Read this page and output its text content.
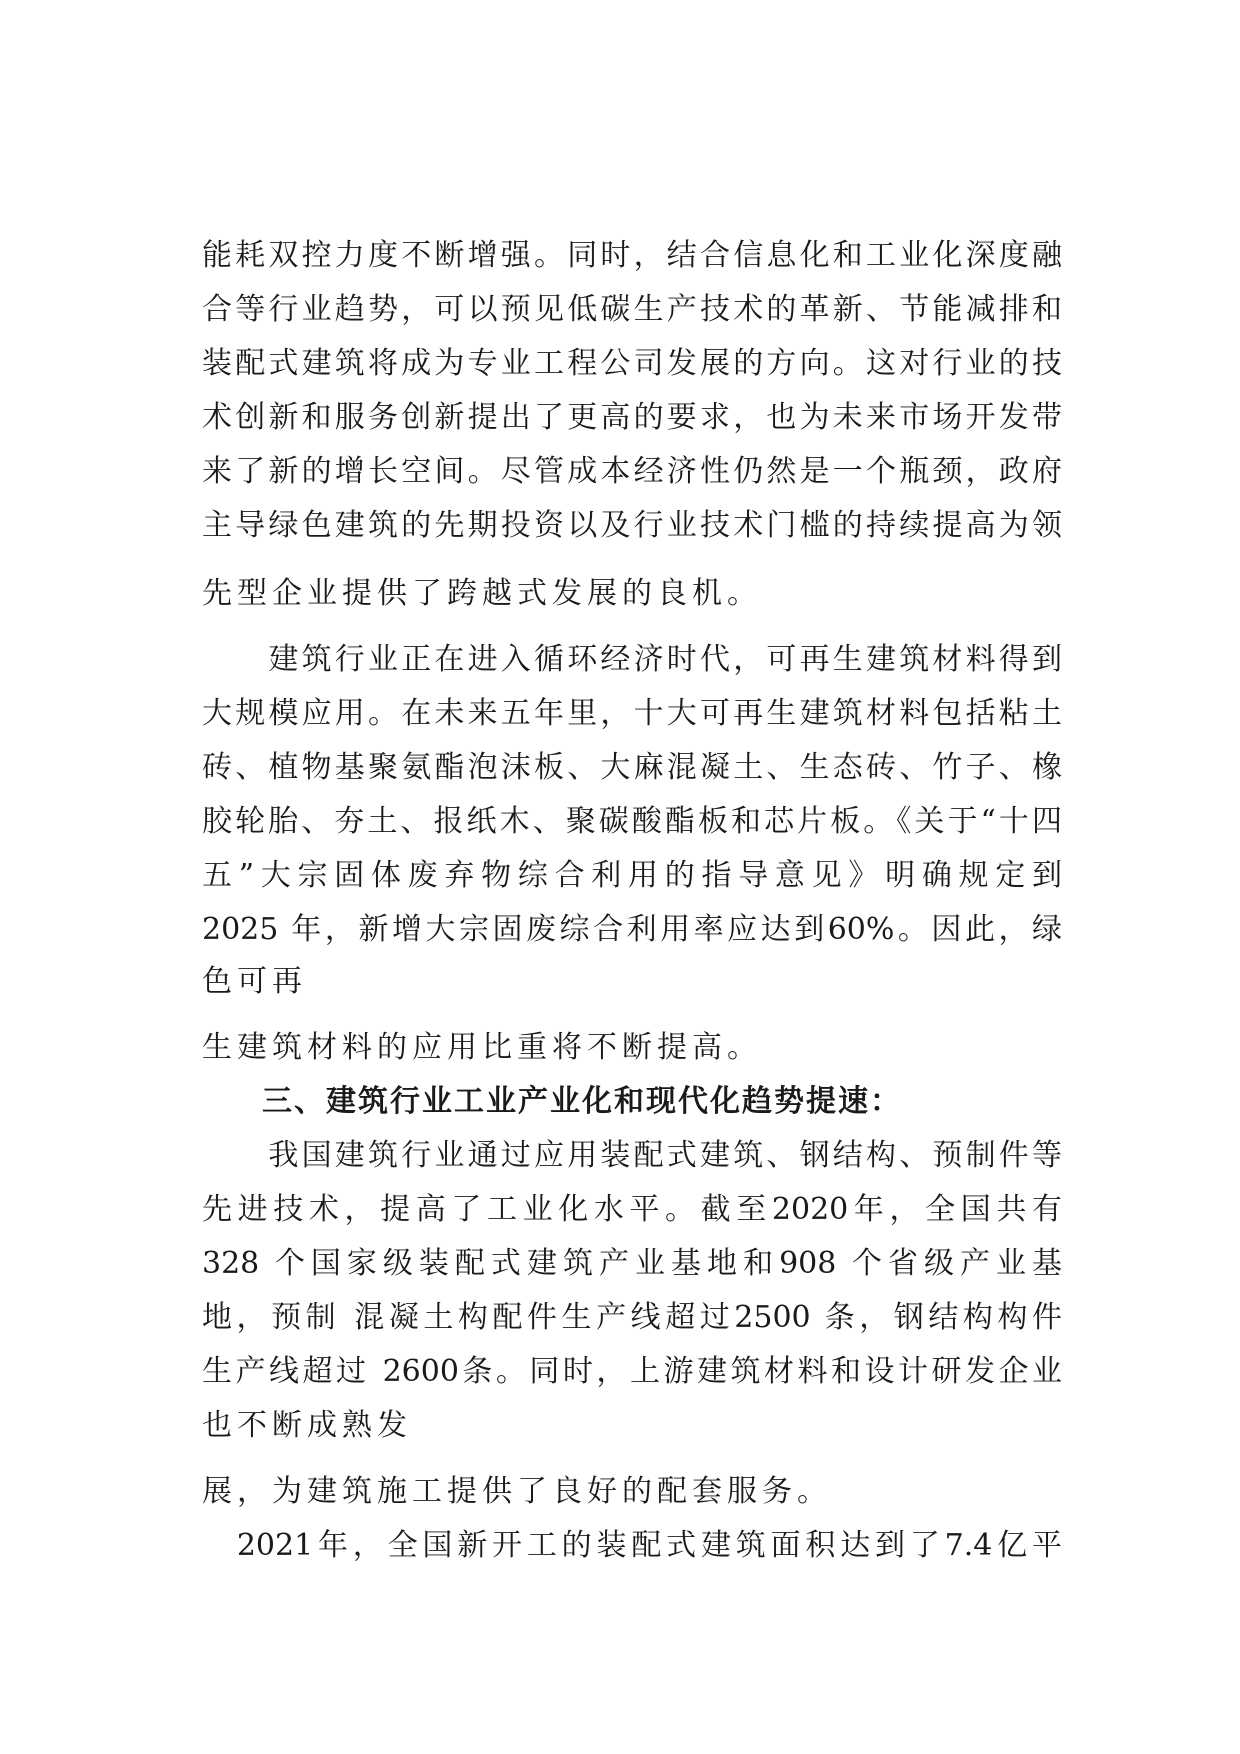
能耗双控力度不断增强。同时，结合信息化和工业化深度融
合等行业趋势，可以预见低碳生产技术的革新、节能减排和
装配式建筑将成为专业工程公司发展的方向。这对行业的技
术创新和服务创新提出了更高的要求，也为未来市场开发带
来了新的增长空间。尽管成本经济性仍然是一个瓶颈，政府
主导绿色建筑的先期投资以及行业技术门槛的持续提高为领
先型企业提供了跨越式发展的良机。
　　建筑行业正在进入循环经济时代，可再生建筑材料得到
大规模应用。在未来五年里，十大可再生建筑材料包括粘土
砖、植物基聚氨酯泡沫板、大麻混凝土、生态砖、竹子、橡
胶轮胎、夯土、报纸木、聚碳酸酯板和芯片板。《关于“十四
五”大宗固体废弃物综合利用的指导意见》明确规定到
2025 年，新增大宗固废综合利用率应达到60%。因此，绿
色可再
生建筑材料的应用比重将不断提高。
三、建筑行业工业产业化和现代化趋势提速：
　　我国建筑行业通过应用装配式建筑、钢结构、预制件等
先进技术，提高了工业化水平。截至2020年，全国共有
328 个国家级装配式建筑产业基地和908 个省级产业基
地，预制 混凝土构配件生产线超过2500 条，钢结构构件
生产线超过 2600条。同时，上游建筑材料和设计研发企业
也不断成熟发
展，为建筑施工提供了良好的配套服务。
　2021年，全国新开工的装配式建筑面积达到了7.4亿平
